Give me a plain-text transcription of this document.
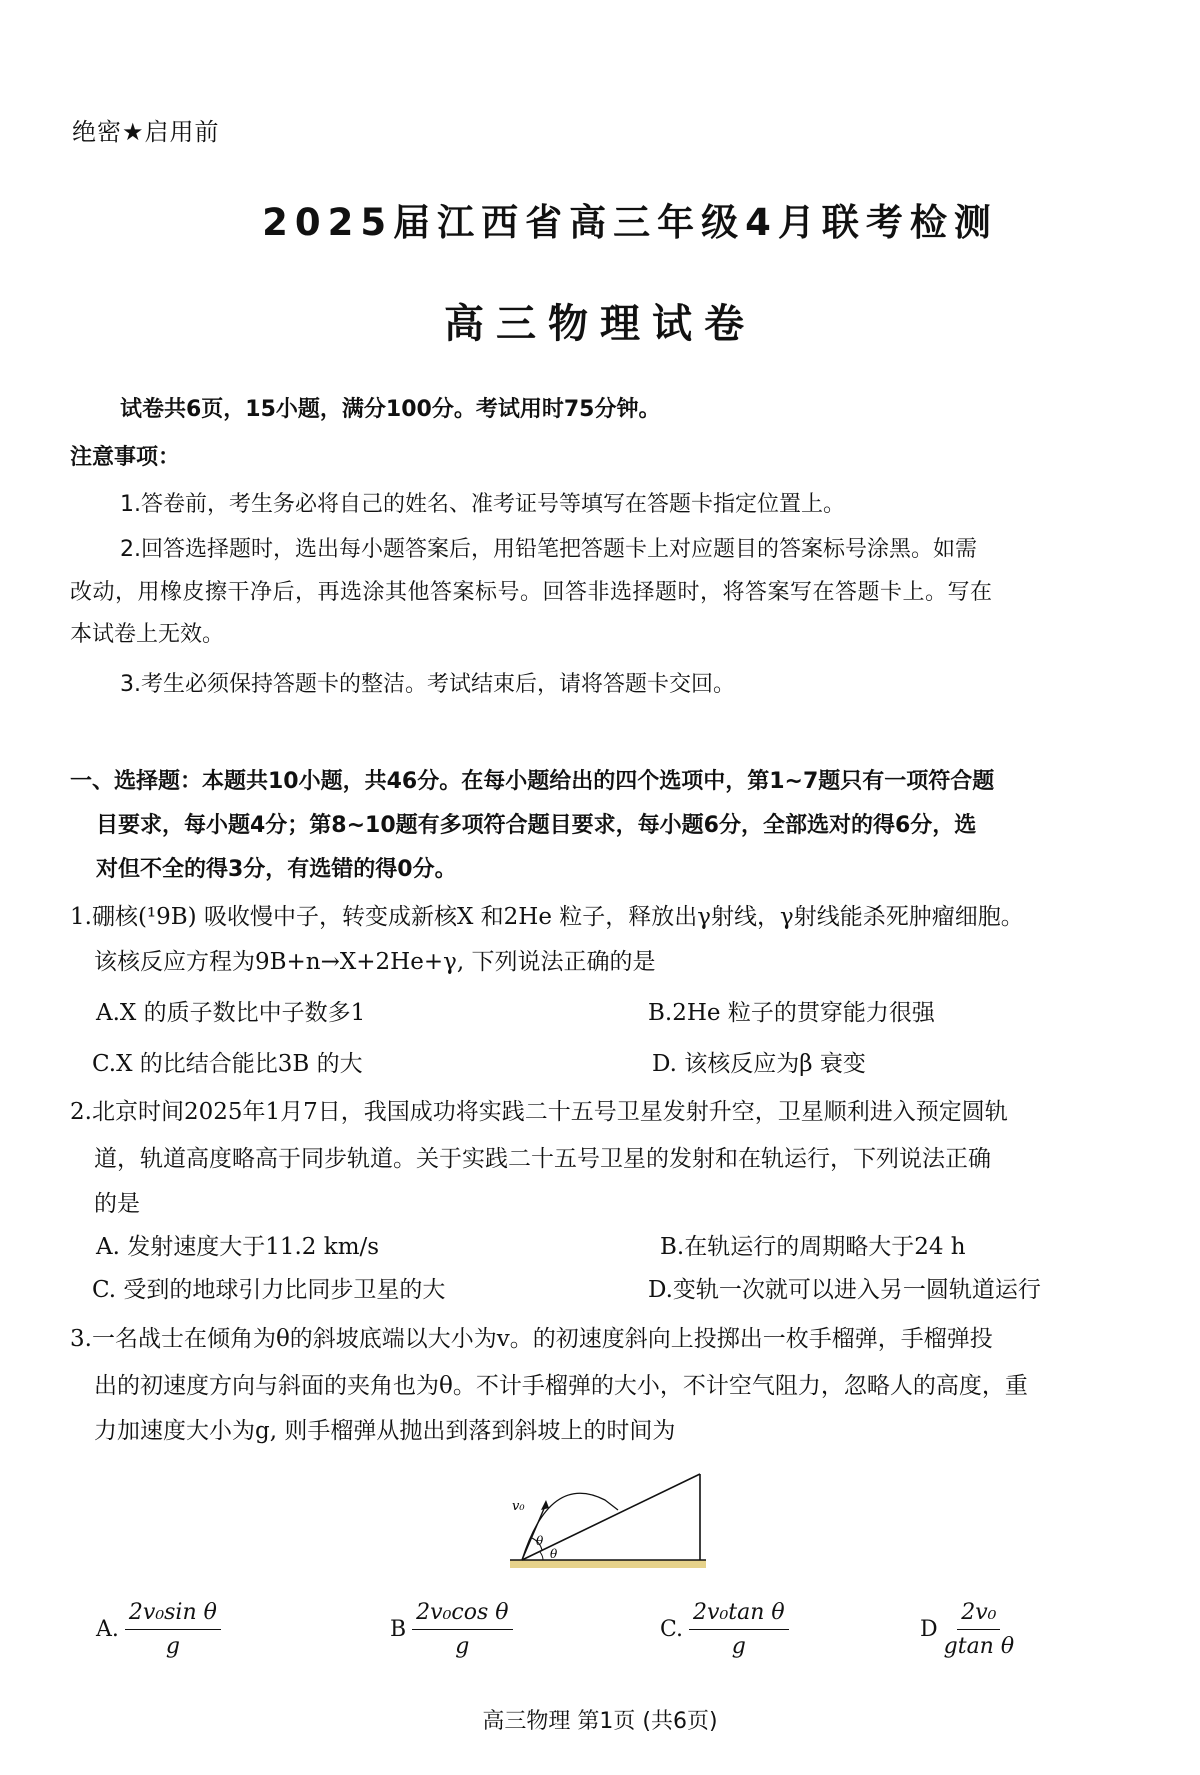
绝密★启用前
2025届江西省高三年级4月联考检测
高三物理试卷
试卷共6页，15小题，满分100分。考试用时75分钟。
注意事项：
1.答卷前，考生务必将自己的姓名、准考证号等填写在答题卡指定位置上。
2.回答选择题时，选出每小题答案后，用铅笔把答题卡上对应题目的答案标号涂黑。如需
改动，用橡皮擦干净后，再选涂其他答案标号。回答非选择题时，将答案写在答题卡上。写在
本试卷上无效。
3.考生必须保持答题卡的整洁。考试结束后，请将答题卡交回。
一、选择题：本题共10小题，共46分。在每小题给出的四个选项中，第1~7题只有一项符合题
目要求，每小题4分；第8~10题有多项符合题目要求，每小题6分，全部选对的得6分，选
对但不全的得3分，有选错的得0分。
1.硼核(¹9B) 吸收慢中子，转变成新核X 和2He 粒子，释放出γ射线，γ射线能杀死肿瘤细胞。
该核反应方程为9B+n→X+2He+γ, 下列说法正确的是
A.X 的质子数比中子数多1	B.2He 粒子的贯穿能力很强
C.X 的比结合能比3B 的大	D. 该核反应为β 衰变
2.北京时间2025年1月7日，我国成功将实践二十五号卫星发射升空，卫星顺利进入预定圆轨
道，轨道高度略高于同步轨道。关于实践二十五号卫星的发射和在轨运行，下列说法正确
的是
A. 发射速度大于11.2 km/s	B.在轨运行的周期略大于24 h
C. 受到的地球引力比同步卫星的大	D.变轨一次就可以进入另一圆轨道运行
3.一名战士在倾角为θ的斜坡底端以大小为v。的初速度斜向上投掷出一枚手榴弹，手榴弹投
出的初速度方向与斜面的夹角也为θ。不计手榴弹的大小，不计空气阻力，忽略人的高度，重
力加速度大小为g, 则手榴弹从抛出到落到斜坡上的时间为
v₀
θ
θ
A. $\frac{\text{2v₀sin θ}}{g}$	B $\frac{\text{2v₀cos θ}}{g}$	C. $\frac{\text{2v₀tan θ}}{g}$	D $\frac{\text{2v₀}}{\text{gtan θ}}$
高三物理 第1页 (共6页)
